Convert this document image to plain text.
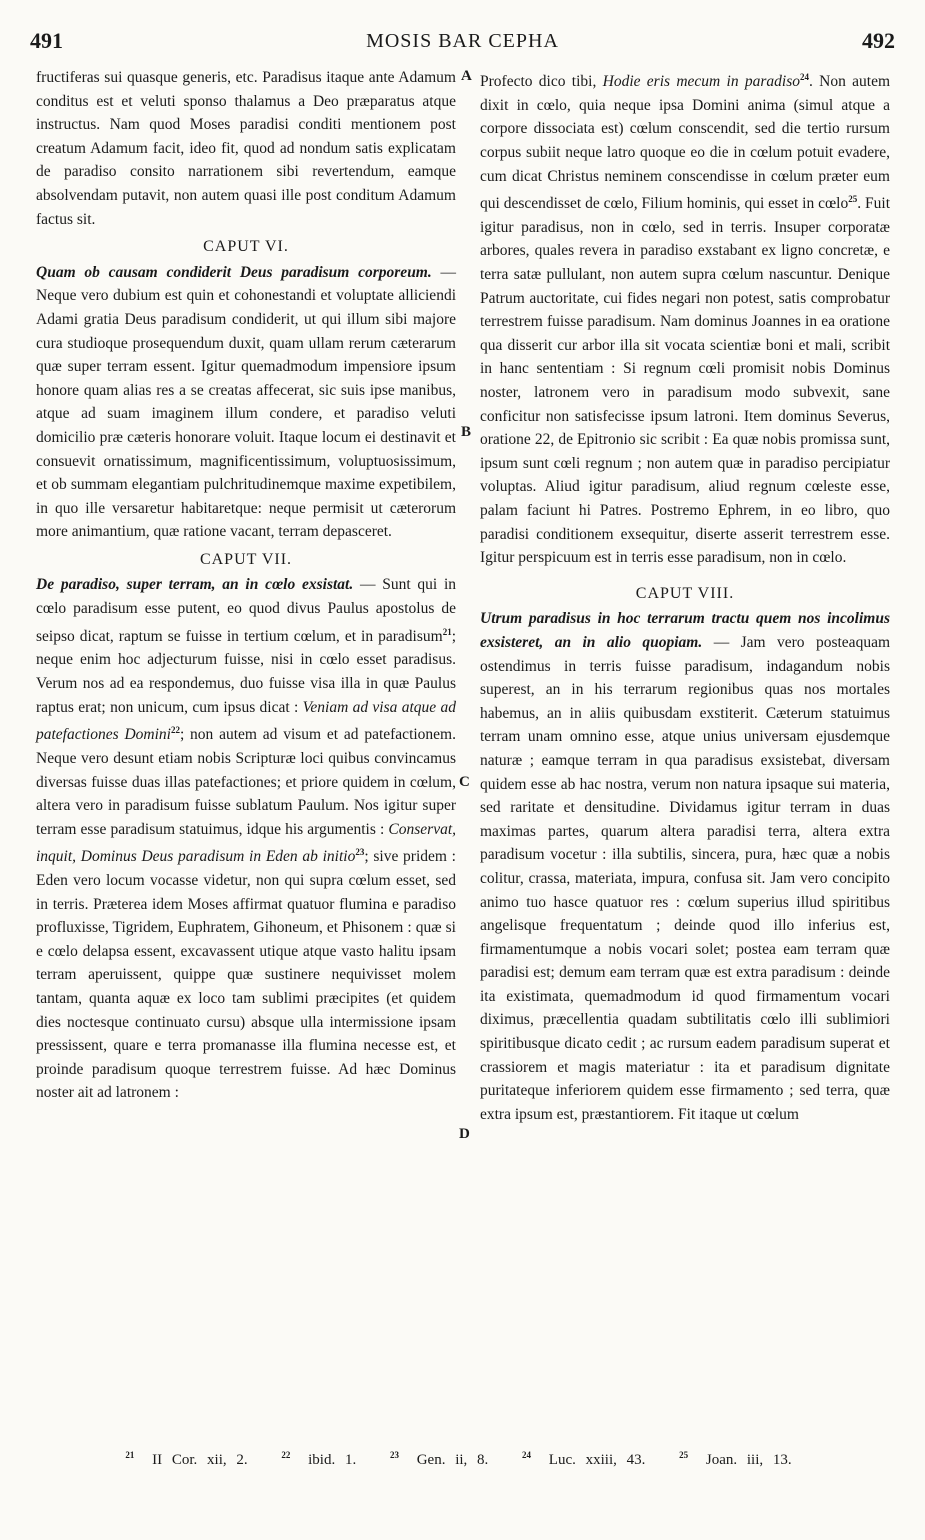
491	MOSIS BAR CEPHA	492
A
B
C
D

fructiferas sui quasque generis, etc. Paradisus itaque ante Adamum conditus est et veluti sponso thalamus a Deo præparatus atque instructus. Nam quod Moses paradisi conditi mentionem post creatum Adamum facit, ideo fit, quod ad nondum satis explicatam de paradiso consito narrationem sibi revertendum, eamque absolvendam putavit, non autem quasi ille post conditum Adamum factus sit.

CAPUT VI.

Quam ob causam condiderit Deus paradisum corporeum. — Neque vero dubium est quin et cohonestandi et voluptate alliciendi Adami gratia Deus paradisum condiderit, ut qui illum sibi majore cura studioque prosequendum duxit, quam ullam rerum cæterarum quæ super terram essent. Igitur quemadmodum impensiore ipsum honore quam alias res a se creatas affecerat, sic suis ipse manibus, atque ad suam imaginem illum condere, et paradiso veluti domicilio præ cæteris honorare voluit. Itaque locum ei destinavit et consuevit ornatissimum, magnificentissimum, voluptuosissimum, et ob summam elegantiam pulchritudinemque maxime expetibilem, in quo ille versaretur habitaretque: neque permisit ut cæterorum more animantium, quæ ratione vacant, terram depasceret.

CAPUT VII.

De paradiso, super terram, an in cœlo exsistat. — Sunt qui in cœlo paradisum esse putent, eo quod divus Paulus apostolus de seipso dicat, raptum se fuisse in tertium cœlum, et in paradisum$^{21}$; neque enim hoc adjecturum fuisse, nisi in cœlo esset paradisus. Verum nos ad ea respondemus, duo fuisse visa illa in quæ Paulus raptus erat; non unicum, cum ipsus dicat : Veniam ad visa atque ad patefactiones Domini$^{22}$; non autem ad visum et ad patefactionem. Neque vero desunt etiam nobis Scripturæ loci quibus convincamus diversas fuisse duas illas patefactiones; et priore quidem in cœlum, altera vero in paradisum fuisse sublatum Paulum. Nos igitur super terram esse paradisum statuimus, idque his argumentis : Conservat, inquit, Dominus Deus paradisum in Eden ab initio$^{23}$; sive pridem : Eden vero locum vocasse videtur, non qui supra cœlum esset, sed in terris. Præterea idem Moses affirmat quatuor flumina e paradiso profluxisse, Tigridem, Euphratem, Gihoneum, et Phisonem : quæ si e cœlo delapsa essent, excavassent utique atque vasto halitu ipsam terram aperuissent, quippe quæ sustinere nequivisset molem tantam, quanta aquæ ex loco tam sublimi præcipites (et quidem dies noctesque continuato cursu) absque ulla intermissione ipsam pressissent, quare e terra promanasse illa flumina necesse est, et proinde paradisum quoque terrestrem fuisse. Ad hæc Dominus noster ait ad latronem :

Profecto dico tibi, Hodie eris mecum in paradiso$^{24}$. Non autem dixit in cœlo, quia neque ipsa Domini anima (simul atque a corpore dissociata est) cœlum conscendit, sed die tertio rursum corpus subiit neque latro quoque eo die in cœlum potuit evadere, cum dicat Christus neminem conscendisse in cœlum præter eum qui descendisset de cœlo, Filium hominis, qui esset in cœlo$^{25}$. Fuit igitur paradisus, non in cœlo, sed in terris. Insuper corporatæ arbores, quales revera in paradiso exstabant ex ligno concretæ, e terra satæ pullulant, non autem supra cœlum nascuntur. Denique Patrum auctoritate, cui fides negari non potest, satis comprobatur terrestrem fuisse paradisum. Nam dominus Joannes in ea oratione qua disserit cur arbor illa sit vocata scientiæ boni et mali, scribit in hanc sententiam : Si regnum cœli promisit nobis Dominus noster, latronem vero in paradisum modo subvexit, sane conficitur non satisfecisse ipsum latroni. Item dominus Severus, oratione 22, de Epitronio sic scribit : Ea quæ nobis promissa sunt, ipsum sunt cœli regnum ; non autem quæ in paradiso percipiatur voluptas. Aliud igitur paradisum, aliud regnum cœleste esse, palam faciunt hi Patres. Postremo Ephrem, in eo libro, quo paradisi conditionem exsequitur, diserte asserit terrestrem esse. Igitur perspicuum est in terris esse paradisum, non in cœlo.

CAPUT VIII.

Utrum paradisus in hoc terrarum tractu quem nos incolimus exsisteret, an in alio quopiam. — Jam vero posteaquam ostendimus in terris fuisse paradisum, indagandum nobis superest, an in his terrarum regionibus quas nos mortales habemus, an in aliis quibusdam exstiterit. Cæterum statuimus terram unam omnino esse, atque unius universam ejusdemque naturæ ; eamque terram in qua paradisus exsistebat, diversam quidem esse ab hac nostra, verum non natura ipsaque sui materia, sed raritate et densitudine. Dividamus igitur terram in duas maximas partes, quarum altera paradisi terra, altera extra paradisum vocetur : illa subtilis, sincera, pura, hæc quæ a nobis colitur, crassa, materiata, impura, confusa sit. Jam vero concipito animo tuo hasce quatuor res : cœlum superius illud spiritibus angelisque frequentatum ; deinde quod illo inferius est, firmamentumque a nobis vocari solet; postea eam terram quæ paradisi est; demum eam terram quæ est extra paradisum : deinde ita existimata, quemadmodum id quod firmamentum vocari diximus, præcellentia quadam subtilitatis cœlo illi sublimiori spiritibusque dicato cedit ; ac rursum eadem paradisum superat et crassiorem et magis materiatur : ita et paradisum dignitate puritateque inferiorem quidem esse firmamento ; sed terra, quæ extra ipsum est, præstantiorem. Fit itaque ut cœlum

$^{21}$ II Cor. xii, 2.	$^{22}$ ibid. 1.	$^{23}$ Gen. ii, 8.	$^{24}$ Luc. xxiii, 43.	$^{25}$ Joan. iii, 13.
